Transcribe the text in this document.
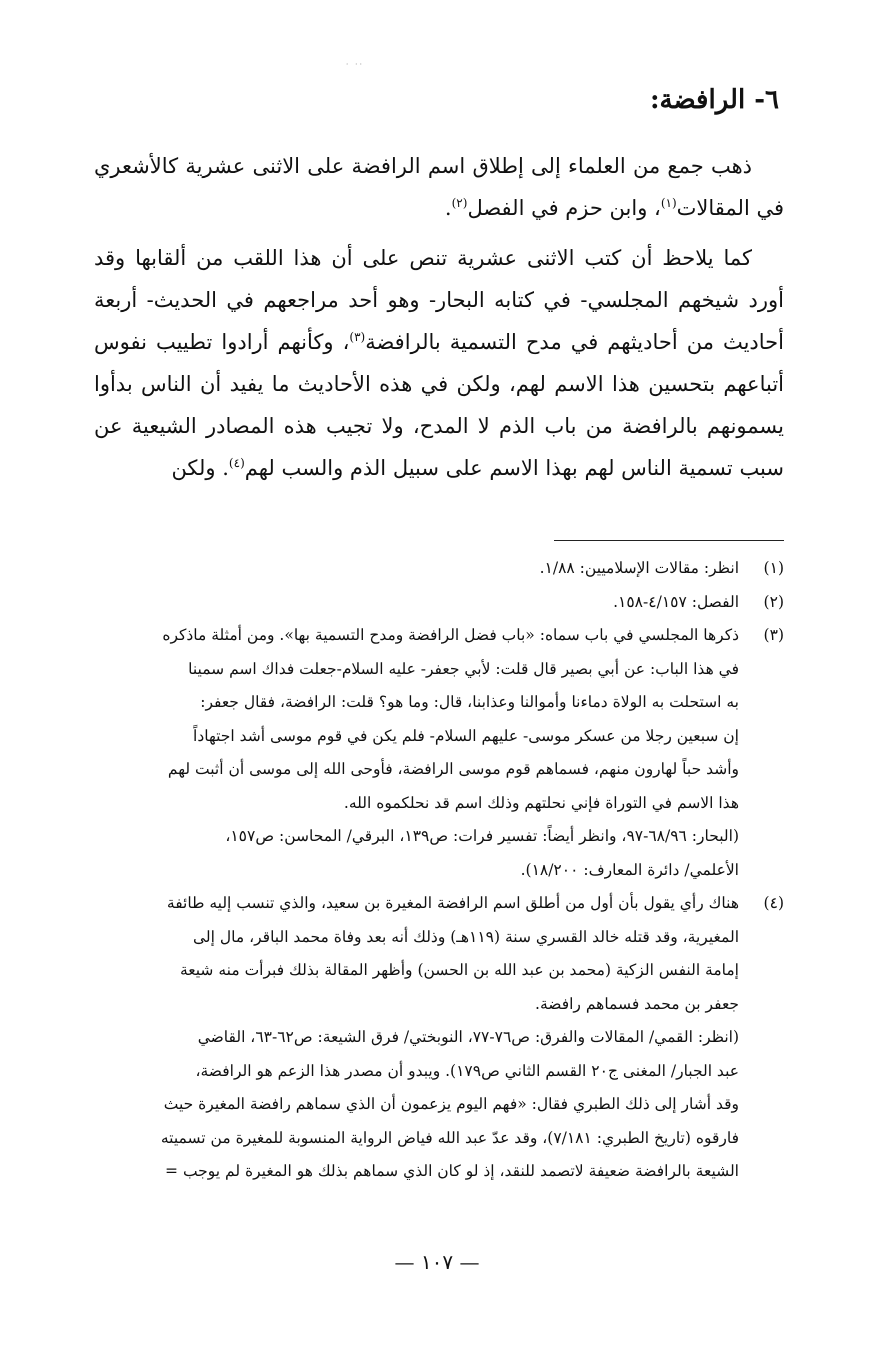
·· ·
٦- الرافضة:

ذهب جمع من العلماء إلى إطلاق اسم الرافضة على الاثنى عشرية كالأشعري في المقالات$^{(١)}$، وابن حزم في الفصل$^{(٢)}$.

كما يلاحظ أن كتب الاثنى عشرية تنص على أن هذا اللقب من ألقابها وقد أورد شيخهم المجلسي- في كتابه البحار- وهو أحد مراجعهم في الحديث- أربعة أحاديث من أحاديثهم في مدح التسمية بالرافضة$^{(٣)}$، وكأنهم أرادوا تطييب نفوس أتباعهم بتحسين هذا الاسم لهم، ولكن في هذه الأحاديث ما يفيد أن الناس بدأوا يسمونهم بالرافضة من باب الذم لا المدح، ولا تجيب هذه المصادر الشيعية عن سبب تسمية الناس لهم بهذا الاسم على سبيل الذم والسب لهم$^{(٤)}$. ولكن

(١)
انظر: مقالات الإسلاميين: ١/٨٨.
(٢)
الفصل: ٤/١٥٧-١٥٨.
(٣)
ذكرها المجلسي في باب سماه: «باب فضل الرافضة ومدح التسمية بها». ومن أمثلة ماذكره
في هذا الباب: عن أبي بصير قال قلت: لأبي جعفر- عليه السلام-جعلت فداك اسم سمينا
به استحلت به الولاة دماءنا وأموالنا وعذابنا، قال: وما هو؟ قلت: الرافضة، فقال جعفر:
إن سبعين رجلا من عسكر موسى- عليهم السلام- فلم يكن في قوم موسى أشد اجتهاداً
وأشد حباً لهارون منهم، فسماهم قوم موسى الرافضة، فأوحى الله إلى موسى أن أثبت لهم
هذا الاسم في التوراة فإني نحلتهم وذلك اسم قد نحلكموه الله.
(البحار: ٦٨/٩٦-٩٧، وانظر أيضاً: تفسير فرات: ص١٣٩، البرقي/ المحاسن: ص١٥٧،
الأعلمي/ دائرة المعارف: ١٨/٢٠٠).
(٤)
هناك رأي يقول بأن أول من أطلق اسم الرافضة المغيرة بن سعيد، والذي تنسب إليه طائفة
المغيرية، وقد قتله خالد القسري سنة (١١٩هـ) وذلك أنه بعد وفاة محمد الباقر، مال إلى
إمامة النفس الزكية (محمد بن عبد الله بن الحسن) وأظهر المقالة بذلك فبرأت منه شيعة
جعفر بن محمد فسماهم رافضة.
(انظر: القمي/ المقالات والفرق: ص٧٦-٧٧، النوبختي/ فرق الشيعة: ص٦٢-٦٣، القاضي
عبد الجبار/ المغنى ج٢٠ القسم الثاني ص١٧٩). ويبدو أن مصدر هذا الزعم هو الرافضة،
وقد أشار إلى ذلك الطبري فقال: «فهم اليوم يزعمون أن الذي سماهم رافضة المغيرة حيث
فارقوه (تاريخ الطبري: ٧/١٨١)، وقد عدّ عبد الله فياض الرواية المنسوبة للمغيرة من تسميته
الشيعة بالرافضة ضعيفة لاتصمد للنقد، إذ لو كان الذي سماهم بذلك هو المغيرة لم يوجب =
— ١٠٧ —
